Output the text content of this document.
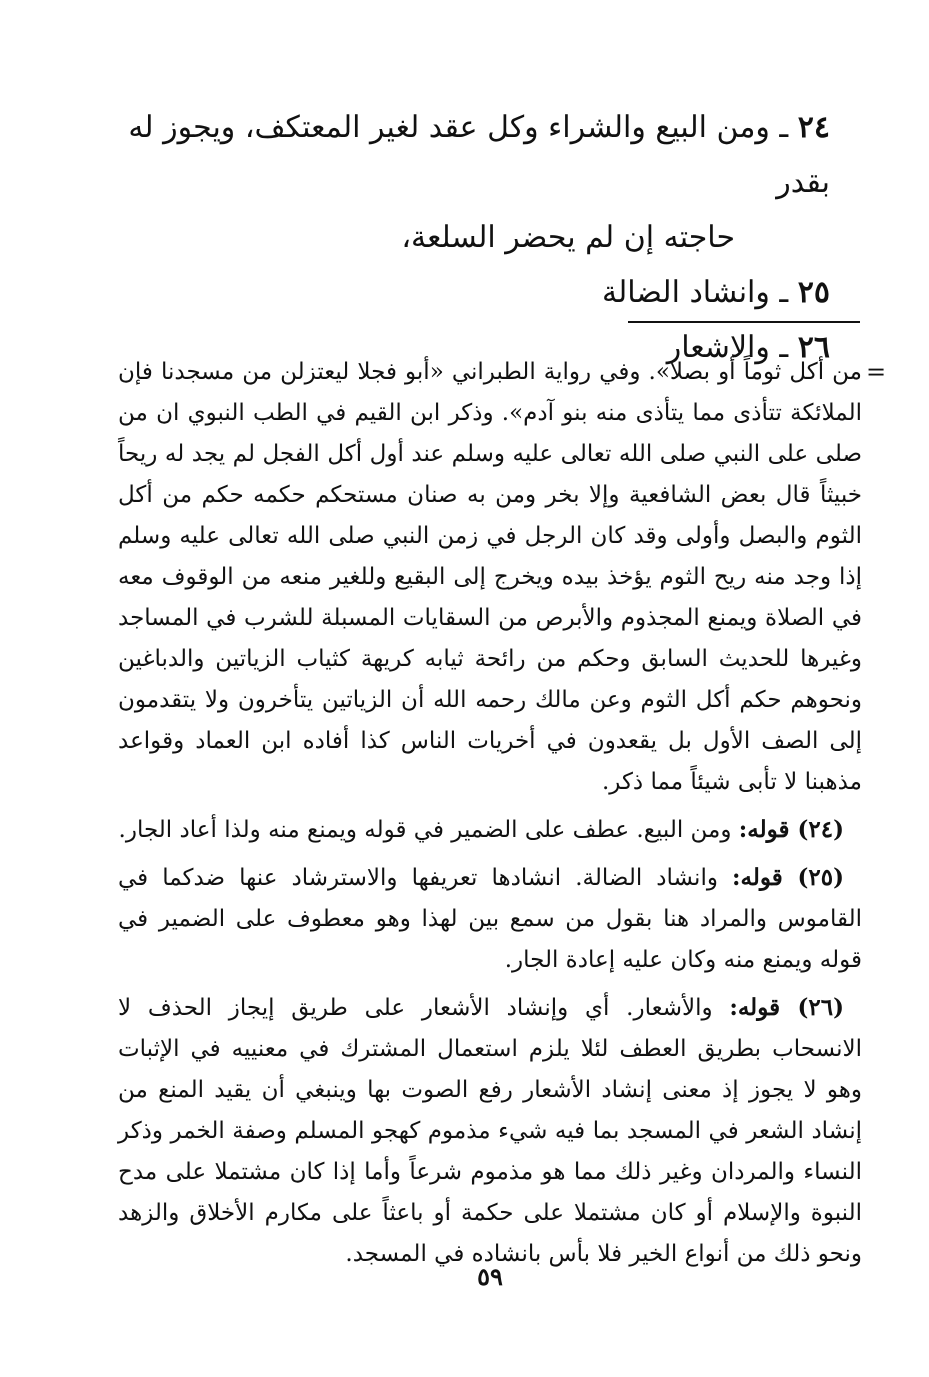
٢٤ ـ ومن البيع والشراء وكل عقد لغير المعتكف، ويجوز له بقدر
حاجته إن لم يحضر السلعة،
٢٥ ـ وانشاد الضالة
٢٦ ـ والاشعار
=

من أكل ثوماً أو بصلا». وفي رواية الطبراني «أبو فجلا ليعتزلن من مسجدنا فإن الملائكة تتأذى مما يتأذى منه بنو آدم». وذكر ابن القيم في الطب النبوي ان من صلى على النبي صلى الله تعالى عليه وسلم عند أول أكل الفجل لم يجد له ريحاً خبيثاً قال بعض الشافعية وإلا بخر ومن به صنان مستحكم حكمه حكم من أكل الثوم والبصل وأولى وقد كان الرجل في زمن النبي صلى الله تعالى عليه وسلم إذا وجد منه ريح الثوم يؤخذ بيده ويخرج إلى البقيع وللغير منعه من الوقوف معه في الصلاة ويمنع المجذوم والأبرص من السقايات المسبلة للشرب في المساجد وغيرها للحديث السابق وحكم من رائحة ثيابه كريهة كثياب الزياتين والدباغين ونحوهم حكم أكل الثوم وعن مالك رحمه الله أن الزياتين يتأخرون ولا يتقدمون إلى الصف الأول بل يقعدون في أخريات الناس كذا أفاده ابن العماد وقواعد مذهبنا لا تأبى شيئاً مما ذكر.

(٢٤) قوله: ومن البيع. عطف على الضمير في قوله ويمنع منه ولذا أعاد الجار.

(٢٥) قوله: وانشاد الضالة. انشادها تعريفها والاسترشاد عنها ضدكما في القاموس والمراد هنا بقول من سمع بين لهذا وهو معطوف على الضمير في قوله ويمنع منه وكان عليه إعادة الجار.

(٢٦) قوله: والأشعار. أي وإنشاد الأشعار على طريق إيجاز الحذف لا الانسحاب بطريق العطف لئلا يلزم استعمال المشترك في معنييه في الإثبات وهو لا يجوز إذ معنى إنشاد الأشعار رفع الصوت بها وينبغي أن يقيد المنع من إنشاد الشعر في المسجد بما فيه شيء مذموم كهجو المسلم وصفة الخمر وذكر النساء والمردان وغير ذلك مما هو مذموم شرعاً وأما إذا كان مشتملا على مدح النبوة والإسلام أو كان مشتملا على حكمة أو باعثاً على مكارم الأخلاق والزهد ونحو ذلك من أنواع الخير فلا بأس بانشاده في المسجد.

٥٩
